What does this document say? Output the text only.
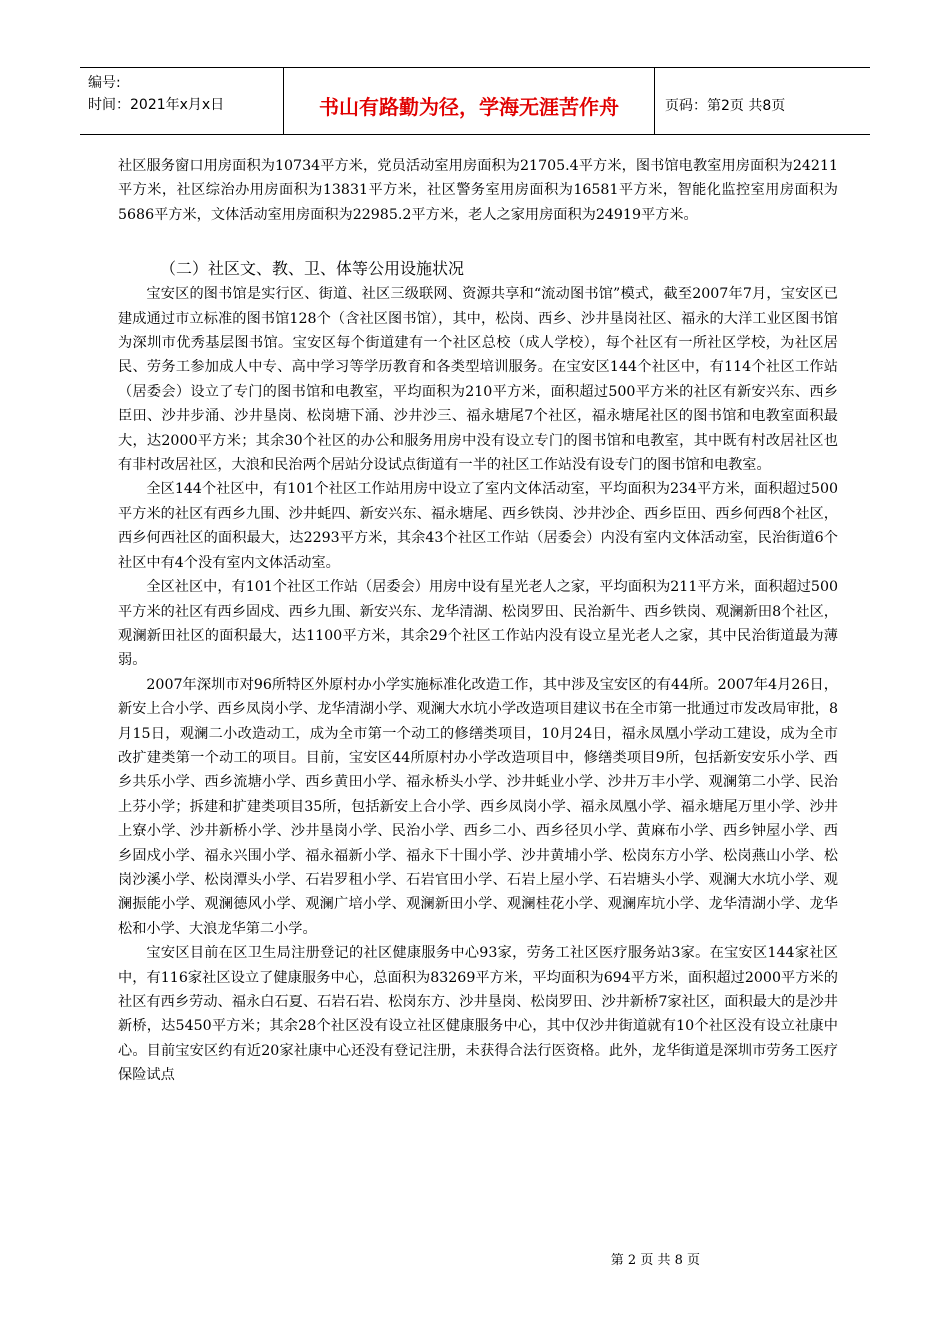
编号:
时间：2021年x月x日	书山有路勤为径，学海无涯苦作舟	页码：第2页 共8页

社区服务窗口用房面积为10734平方米，党员活动室用房面积为21705.4平方米，图书馆电教室用房面积为24211平方米，社区综治办用房面积为13831平方米，社区警务室用房面积为16581平方米，智能化监控室用房面积为5686平方米，文体活动室用房面积为22985.2平方米，老人之家用房面积为24919平方米。

（二）社区文、教、卫、体等公用设施状况

宝安区的图书馆是实行区、街道、社区三级联网、资源共享和“流动图书馆”模式，截至2007年7月，宝安区已建成通过市立标准的图书馆128个（含社区图书馆），其中，松岗、西乡、沙井垦岗社区、福永的大洋工业区图书馆为深圳市优秀基层图书馆。宝安区每个街道建有一个社区总校（成人学校），每个社区有一所社区学校，为社区居民、劳务工参加成人中专、高中学习等学历教育和各类型培训服务。在宝安区144个社区中，有114个社区工作站（居委会）设立了专门的图书馆和电教室，平均面积为210平方米，面积超过500平方米的社区有新安兴东、西乡臣田、沙井步涌、沙井垦岗、松岗塘下涌、沙井沙三、福永塘尾7个社区，福永塘尾社区的图书馆和电教室面积最大，达2000平方米；其余30个社区的办公和服务用房中没有设立专门的图书馆和电教室，其中既有村改居社区也有非村改居社区，大浪和民治两个居站分设试点街道有一半的社区工作站没有设专门的图书馆和电教室。

全区144个社区中，有101个社区工作站用房中设立了室内文体活动室，平均面积为234平方米，面积超过500平方米的社区有西乡九围、沙井蚝四、新安兴东、福永塘尾、西乡铁岗、沙井沙企、西乡臣田、西乡何西8个社区，西乡何西社区的面积最大，达2293平方米，其余43个社区工作站（居委会）内没有室内文体活动室，民治街道6个社区中有4个没有室内文体活动室。

全区社区中，有101个社区工作站（居委会）用房中设有星光老人之家，平均面积为211平方米，面积超过500平方米的社区有西乡固戍、西乡九围、新安兴东、龙华清湖、松岗罗田、民治新牛、西乡铁岗、观澜新田8个社区，观澜新田社区的面积最大，达1100平方米，其余29个社区工作站内没有设立星光老人之家，其中民治街道最为薄弱。

2007年深圳市对96所特区外原村办小学实施标准化改造工作，其中涉及宝安区的有44所。2007年4月26日，新安上合小学、西乡凤岗小学、龙华清湖小学、观澜大水坑小学改造项目建议书在全市第一批通过市发改局审批，8月15日，观澜二小改造动工，成为全市第一个动工的修缮类项目，10月24日，福永凤凰小学动工建设，成为全市改扩建类第一个动工的项目。目前，宝安区44所原村办小学改造项目中，修缮类项目9所，包括新安安乐小学、西乡共乐小学、西乡流塘小学、西乡黄田小学、福永桥头小学、沙井蚝业小学、沙井万丰小学、观澜第二小学、民治上芬小学；拆建和扩建类项目35所，包括新安上合小学、西乡凤岗小学、福永凤凰小学、福永塘尾万里小学、沙井上寮小学、沙井新桥小学、沙井垦岗小学、民治小学、西乡二小、西乡径贝小学、黄麻布小学、西乡钟屋小学、西乡固戍小学、福永兴围小学、福永福新小学、福永下十围小学、沙井黄埔小学、松岗东方小学、松岗燕山小学、松岗沙溪小学、松岗潭头小学、石岩罗租小学、石岩官田小学、石岩上屋小学、石岩塘头小学、观澜大水坑小学、观澜振能小学、观澜德风小学、观澜广培小学、观澜新田小学、观澜桂花小学、观澜库坑小学、龙华清湖小学、龙华松和小学、大浪龙华第二小学。

宝安区目前在区卫生局注册登记的社区健康服务中心93家，劳务工社区医疗服务站3家。在宝安区144家社区中，有116家社区设立了健康服务中心，总面积为83269平方米，平均面积为694平方米，面积超过2000平方米的社区有西乡劳动、福永白石夏、石岩石岩、松岗东方、沙井垦岗、松岗罗田、沙井新桥7家社区，面积最大的是沙井新桥，达5450平方米；其余28个社区没有设立社区健康服务中心，其中仅沙井街道就有10个社区没有设立社康中心。目前宝安区约有近20家社康中心还没有登记注册，未获得合法行医资格。此外，龙华街道是深圳市劳务工医疗保险试点

第 2 页 共 8 页
